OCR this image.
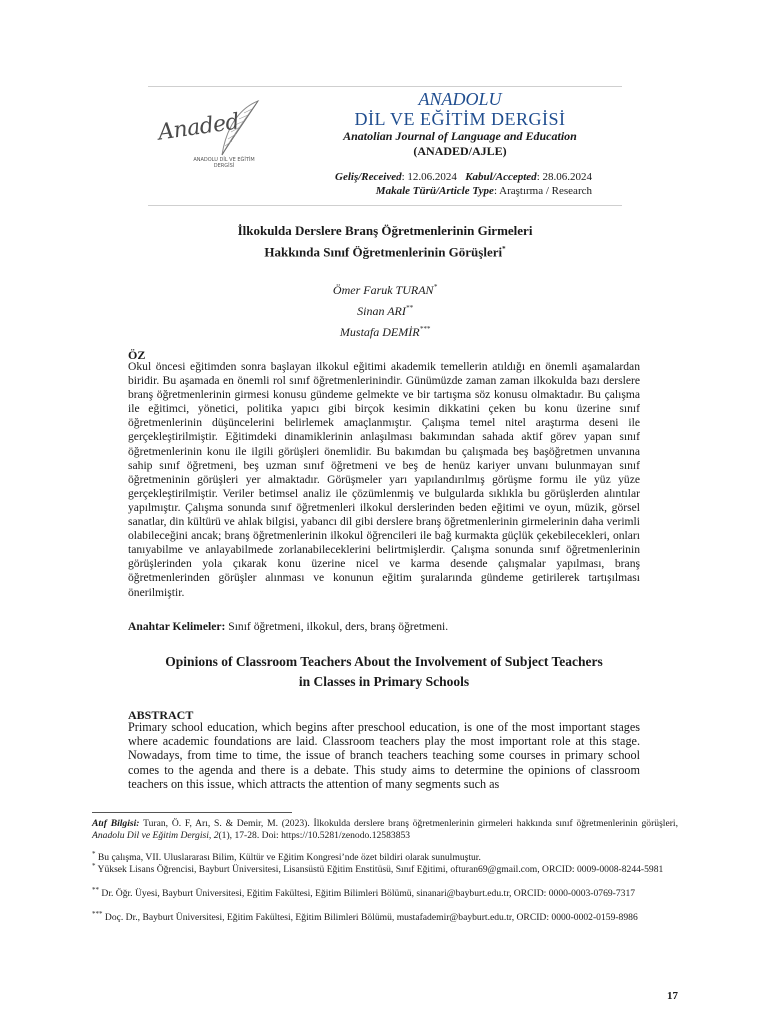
Anaded
ANADOLU DİL VE EĞİTİM DERGİSİ
ANADOLU
DİL VE EĞİTİM DERGİSİ
Anatolian Journal of Language and Education
(ANADED/AJLE)
Geliş/Received: 12.06.2024 Kabul/Accepted: 28.06.2024
Makale Türü/Article Type: Araştırma / Research
İlkokulda Derslere Branş Öğretmenlerinin Girmeleri
Hakkında Sınıf Öğretmenlerinin Görüşleri*
Ömer Faruk TURAN*
Sinan ARI**
Mustafa DEMİR***
ÖZ
Okul öncesi eğitimden sonra başlayan ilkokul eğitimi akademik temellerin atıldığı en önemli aşamalardan biridir. Bu aşamada en önemli rol sınıf öğretmenlerinindir. Günümüzde zaman zaman ilkokulda bazı derslere branş öğretmenlerinin girmesi konusu gündeme gelmekte ve bir tartışma söz konusu olmaktadır. Bu çalışma ile eğitimci, yönetici, politika yapıcı gibi birçok kesimin dikkatini çeken bu konu üzerine sınıf öğretmenlerinin düşüncelerini belirlemek amaçlanmıştır. Çalışma temel nitel araştırma deseni ile gerçekleştirilmiştir. Eğitimdeki dinamiklerinin anlaşılması bakımından sahada aktif görev yapan sınıf öğretmenlerinin konu ile ilgili görüşleri önemlidir. Bu bakımdan bu çalışmada beş başöğretmen unvanına sahip sınıf öğretmeni, beş uzman sınıf öğretmeni ve beş de henüz kariyer unvanı bulunmayan sınıf öğretmeninin görüşleri yer almaktadır. Görüşmeler yarı yapılandırılmış görüşme formu ile yüz yüze gerçekleştirilmiştir. Veriler betimsel analiz ile çözümlenmiş ve bulgularda sıklıkla bu görüşlerden alıntılar yapılmıştır. Çalışma sonunda sınıf öğretmenleri ilkokul derslerinden beden eğitimi ve oyun, müzik, görsel sanatlar, din kültürü ve ahlak bilgisi, yabancı dil gibi derslere branş öğretmenlerinin girmelerinin daha verimli olabileceğini ancak; branş öğretmenlerinin ilkokul öğrencileri ile bağ kurmakta güçlük çekebilecekleri, onları tanıyabilme ve anlayabilmede zorlanabileceklerini belirtmişlerdir. Çalışma sonunda sınıf öğretmenlerinin görüşlerinden yola çıkarak konu üzerine nicel ve karma desende çalışmalar yapılması, branş öğretmenlerinden görüşler alınması ve konunun eğitim şuralarında gündeme getirilerek tartışılması önerilmiştir.
Anahtar Kelimeler: Sınıf öğretmeni, ilkokul, ders, branş öğretmeni.
Opinions of Classroom Teachers About the Involvement of Subject Teachers
in Classes in Primary Schools
ABSTRACT
Primary school education, which begins after preschool education, is one of the most important stages where academic foundations are laid. Classroom teachers play the most important role at this stage. Nowadays, from time to time, the issue of branch teachers teaching some courses in primary school comes to the agenda and there is a debate. This study aims to determine the opinions of classroom teachers on this issue, which attracts the attention of many segments such as
Atıf Bilgisi: Turan, Ö. F, Arı, S. & Demir, M. (2023). İlkokulda derslere branş öğretmenlerinin girmeleri hakkında sınıf öğretmenlerinin görüşleri, Anadolu Dil ve Eğitim Dergisi, 2(1), 17-28. Doi: https://10.5281/zenodo.12583853
* Bu çalışma, VII. Uluslararası Bilim, Kültür ve Eğitim Kongresi’nde özet bildiri olarak sunulmuştur.
* Yüksek Lisans Öğrencisi, Bayburt Üniversitesi, Lisansüstü Eğitim Enstitüsü, Sınıf Eğitimi, ofturan69@gmail.com, ORCID: 0009-0008-8244-5981
** Dr. Öğr. Üyesi, Bayburt Üniversitesi, Eğitim Fakültesi, Eğitim Bilimleri Bölümü, sinanari@bayburt.edu.tr, ORCID: 0000-0003-0769-7317
*** Doç. Dr., Bayburt Üniversitesi, Eğitim Fakültesi, Eğitim Bilimleri Bölümü, mustafademir@bayburt.edu.tr, ORCID: 0000-0002-0159-8986
17
